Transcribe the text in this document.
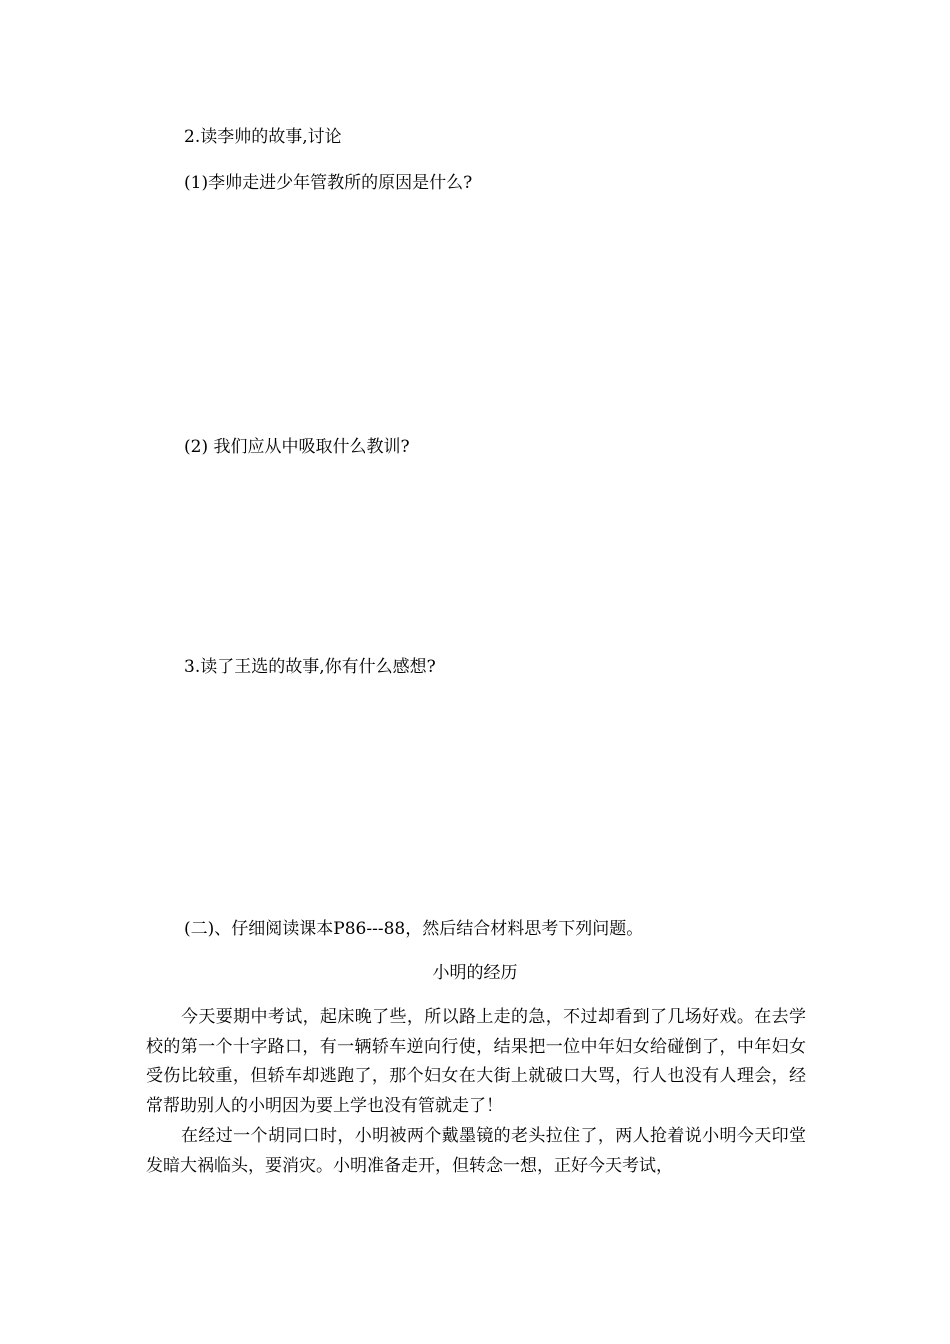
2.读李帅的故事,讨论

(1)李帅走进少年管教所的原因是什么?

(2) 我们应从中吸取什么教训?

3.读了王选的故事,你有什么感想?

(二)、仔细阅读课本P86---88，然后结合材料思考下列问题。

小明的经历

今天要期中考试，起床晚了些，所以路上走的急，不过却看到了几场好戏。在去学校的第一个十字路口，有一辆轿车逆向行使，结果把一位中年妇女给碰倒了，中年妇女受伤比较重，但轿车却逃跑了，那个妇女在大街上就破口大骂，行人也没有人理会，经常帮助别人的小明因为要上学也没有管就走了！

在经过一个胡同口时，小明被两个戴墨镜的老头拉住了，两人抢着说小明今天印堂发暗大祸临头，要消灾。小明准备走开，但转念一想，正好今天考试，
